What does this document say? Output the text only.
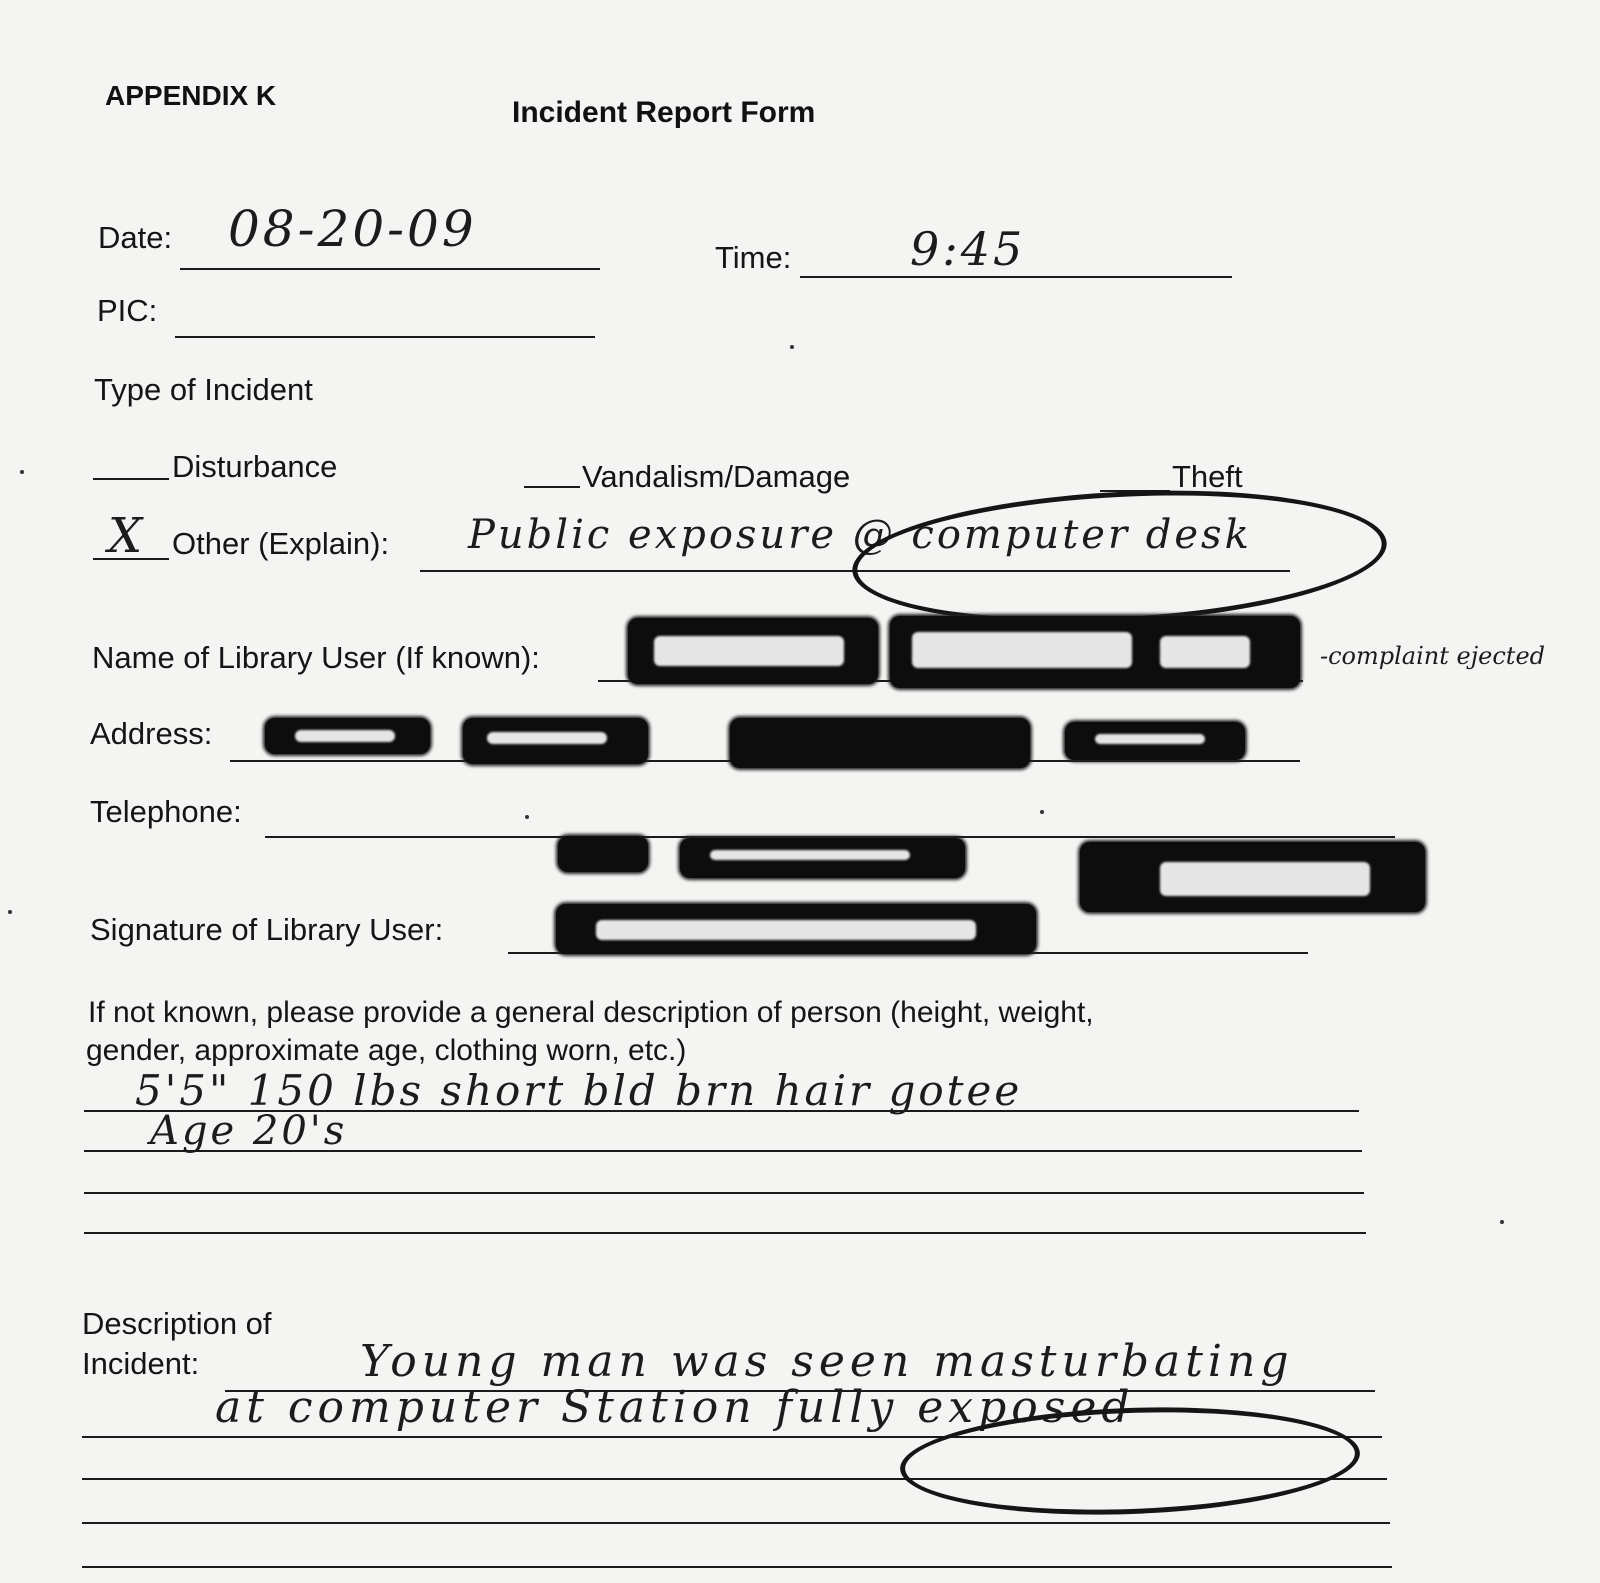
APPENDIX K
Incident Report Form
Date: 08-20-09	Time:	9:45
PIC:
Type of Incident
Disturbance	Vandalism/Damage	Theft
X Other (Explain): Public exposure @ computer desk
Name of Library User (If known):	-complaint ejected
Address:
Telephone:
Signature of Library User:
If not known, please provide a general description of person (height, weight,
gender, approximate age, clothing worn, etc.)
5'5" 150 lbs short bld brn hair gotee
Age 20's
Description of
Incident:	Young man was seen masturbating
at computer Station fully exposed
